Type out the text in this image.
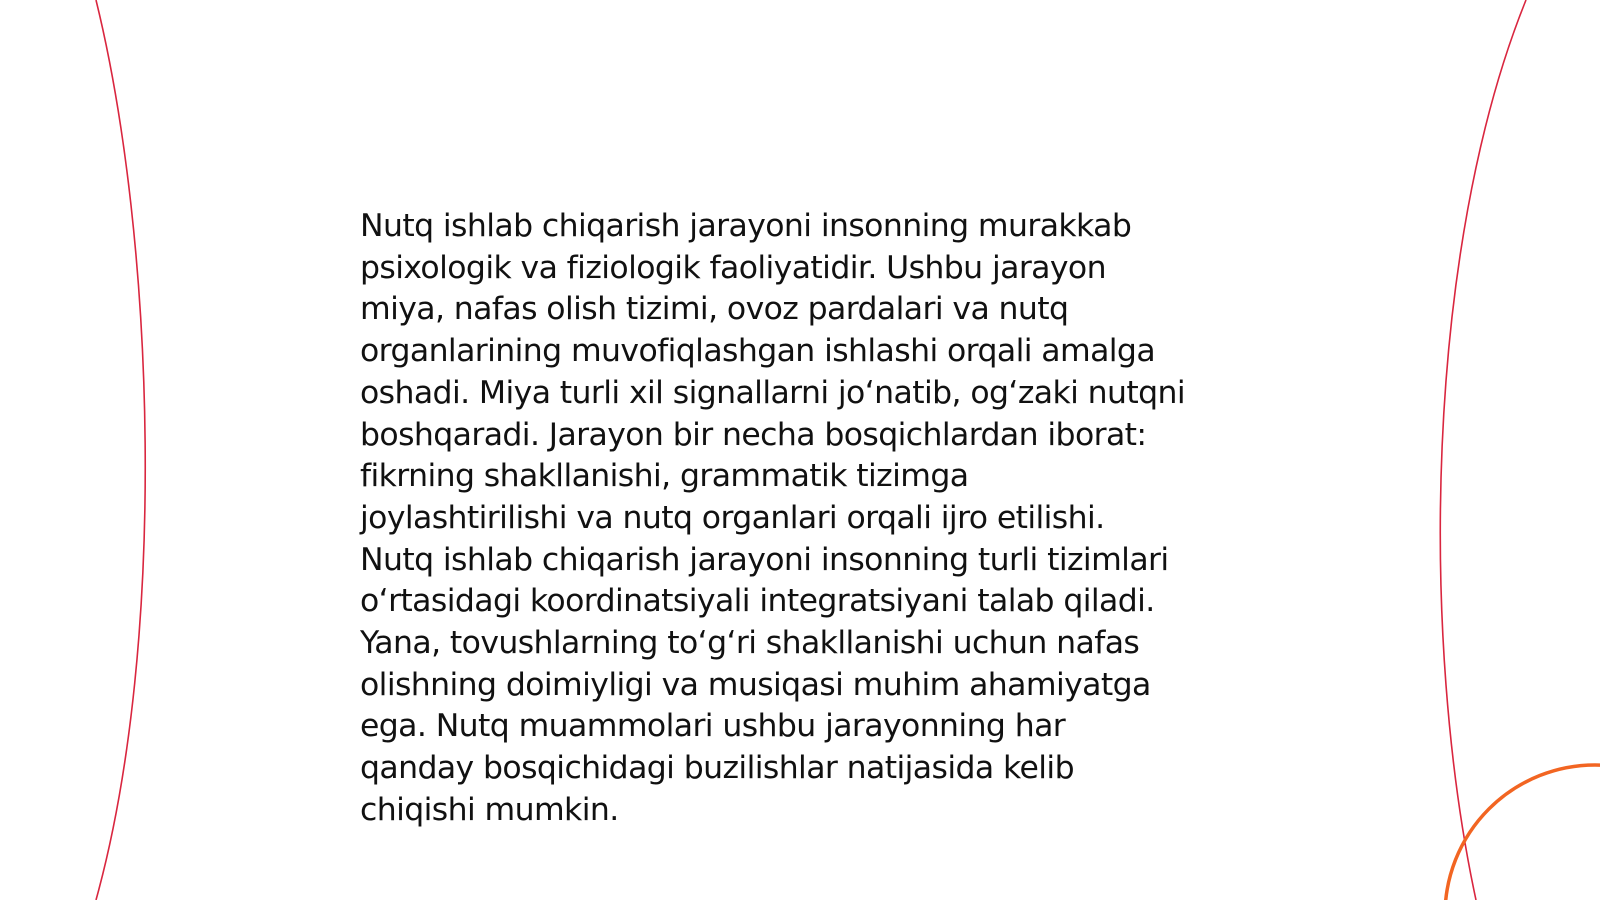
Nutq ishlab chiqarish jarayoni insonning murakkab
psixologik va fiziologik faoliyatidir. Ushbu jarayon
miya, nafas olish tizimi, ovoz pardalari va nutq
organlarining muvofiqlashgan ishlashi orqali amalga
oshadi. Miya turli xil signallarni joʻnatib, ogʻzaki nutqni
boshqaradi. Jarayon bir necha bosqichlardan iborat:
fikrning shakllanishi, grammatik tizimga
joylashtirilishi va nutq organlari orqali ijro etilishi.
Nutq ishlab chiqarish jarayoni insonning turli tizimlari
oʻrtasidagi koordinatsiyali integratsiyani talab qiladi.
Yana, tovushlarning toʻgʻri shakllanishi uchun nafas
olishning doimiyligi va musiqasi muhim ahamiyatga
ega. Nutq muammolari ushbu jarayonning har
qanday bosqichidagi buzilishlar natijasida kelib
chiqishi mumkin.
